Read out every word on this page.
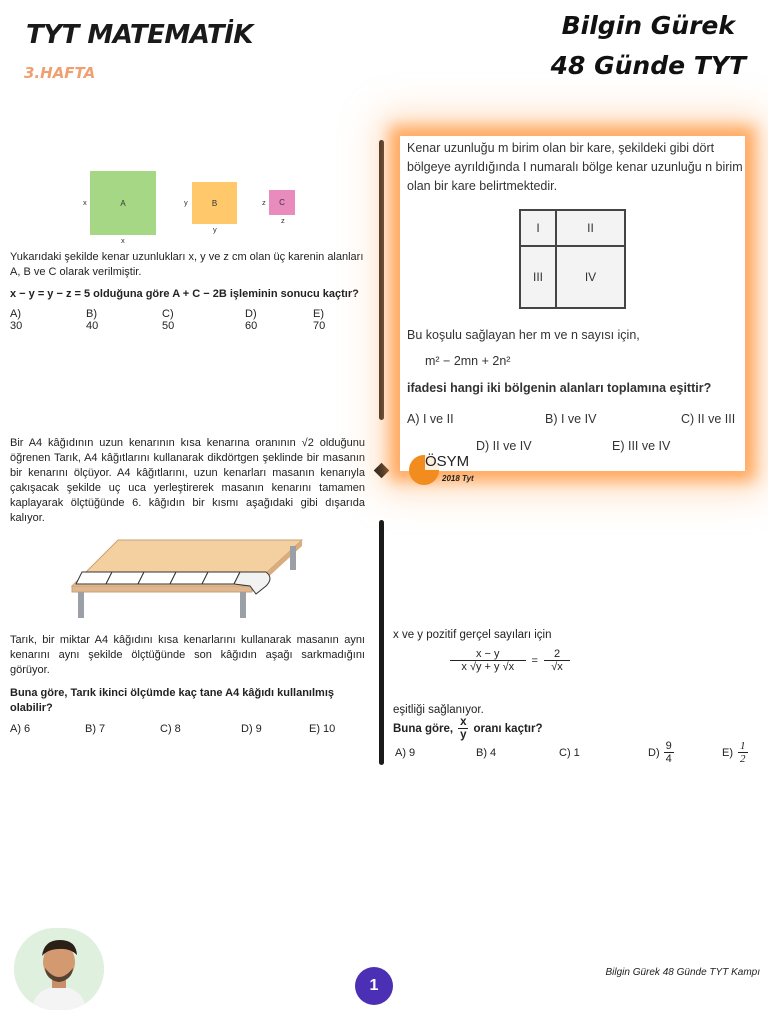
TYT MATEMATİK
3.HAFTA
Bilgin Gürek
48 Günde TYT
x	A
x
y	B
y
z C
z
Yukarıdaki şekilde kenar uzunlukları x, y ve z cm olan üç karenin alanları A, B ve C olarak verilmiştir.
x − y = y − z = 5 olduğuna göre A + C − 2B işleminin sonucu kaçtır?
A) 30
B) 40
C) 50
D) 60
E) 70
Bir A4 kâğıdının uzun kenarının kısa kenarına oranının √2 olduğunu öğrenen Tarık, A4 kâğıtlarını kullanarak dikdörtgen şeklinde bir masanın bir kenarını ölçüyor. A4 kâğıtlarını, uzun kenarları masanın kenarıyla çakışacak şekilde uç uca yerleştirerek masanın kenarını tamamen kaplayarak ölçtüğünde 6. kâğıdın bir kısmı aşağıdaki gibi dışarıda kalıyor.
Tarık, bir miktar A4 kâğıdını kısa kenarlarını kullanarak masanın aynı kenarını aynı şekilde ölçtüğünde son kâğıdın aşağı sarkmadığını görüyor.
Buna göre, Tarık ikinci ölçümde kaç tane A4 kâğıdı kullanılmış olabilir?
A) 6	B) 7	C) 8	D) 9	E) 10
Kenar uzunluğu m birim olan bir kare, şekildeki gibi dört bölgeye ayrıldığında I numaralı bölge kenar uzunluğu n birim olan bir kare belirtmektedir.
I	II
III	IV
Bu koşulu sağlayan her m ve n sayısı için,
m² − 2mn + 2n²
ifadesi hangi iki bölgenin alanları toplamına eşittir?
A) I ve II	B) I ve IV	C) II ve III
D) II ve IV	E) III ve IV
ÖSYM
2018 Tyt
x ve y pozitif gerçel sayıları için
$\frac{x - y}{x √y + y √x} = \frac{2}{√x}$
eşitliği sağlanıyor.
Buna göre, $\frac{x}{y}$ oranı kaçtır?
A) 9	B) 4	C) 1	$D) \frac{9}{4}$	$E) \frac{1}{2}$
1
Bilgin Gürek 48 Günde TYT Kampı
